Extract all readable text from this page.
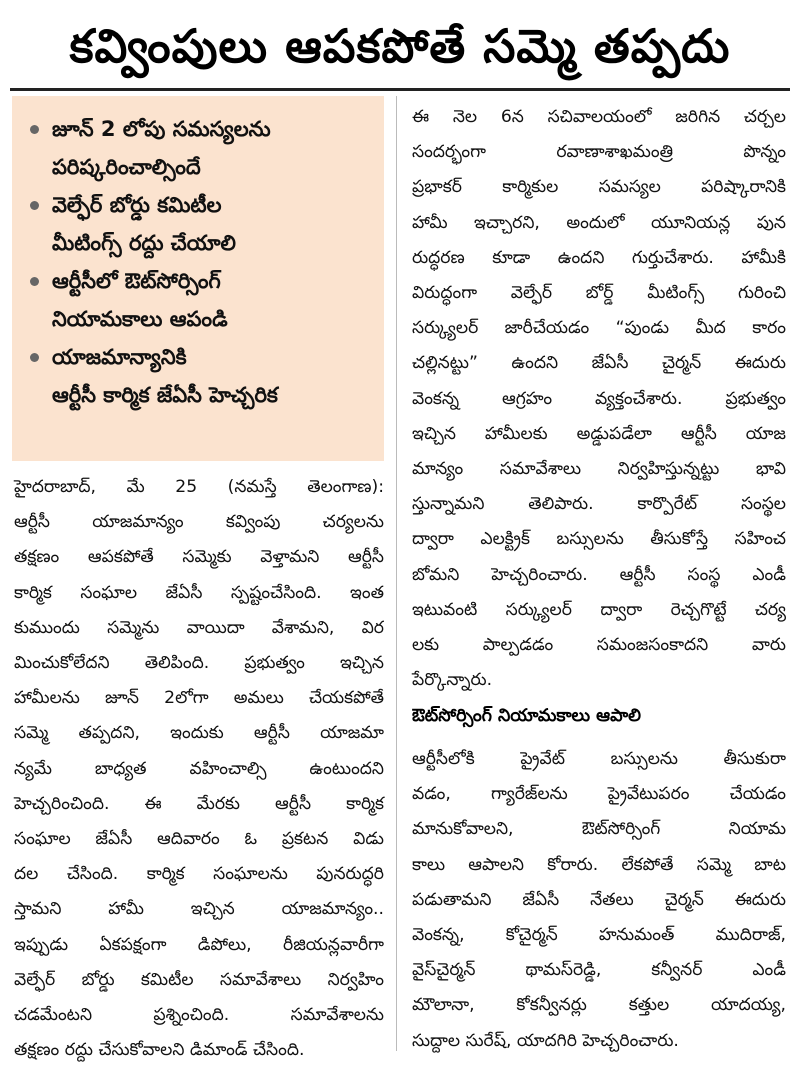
కవ్వింపులు ఆపకపోతే సమ్మె తప్పదు
జూన్ 2 లోపు సమస్యలను
పరిష్కరించాల్సిందే
వెల్ఫేర్ బోర్డు కమిటీల
మీటింగ్స్ రద్దు చేయాలి
ఆర్టీసీలో ఔట్‌సోర్సింగ్
నియామకాలు ఆపండి
యాజమాన్యానికి
ఆర్టీసీ కార్మిక జేఏసీ హెచ్చరిక

హైదరాబాద్, మే 25 (నమస్తే తెలంగాణ):

ఆర్టీసీ యాజమాన్యం కవ్వింపు చర్యలను

తక్షణం ఆపకపోతే సమ్మెకు వెళ్తామని ఆర్టీసీ

కార్మిక సంఘాల జేఏసీ స్పష్టంచేసింది. ఇంత

కుముందు సమ్మెను వాయిదా వేశామని, విర

మించుకోలేదని తెలిపింది. ప్రభుత్వం ఇచ్చిన

హామీలను జూన్ 2లోగా అమలు చేయకపోతే

సమ్మె తప్పదని, ఇందుకు ఆర్టీసీ యాజమా

న్యమే బాధ్యత వహించాల్సి ఉంటుందని

హెచ్చరించింది. ఈ మేరకు ఆర్టీసీ కార్మిక

సంఘాల జేఏసీ ఆదివారం ఓ ప్రకటన విడు

దల చేసింది. కార్మిక సంఘాలను పునరుద్ధరి

స్తామని హామీ ఇచ్చిన యాజమాన్యం..

ఇప్పుడు ఏకపక్షంగా డిపోలు, రీజియన్లవారీగా

వెల్ఫేర్ బోర్డు కమిటీల సమావేశాలు నిర్వహిం

చడమేంటని ప్రశ్నించింది. సమావేశాలను

తక్షణం రద్దు చేసుకోవాలని డిమాండ్ చేసింది.

ఈ నెల 6న సచివాలయంలో జరిగిన చర్చల

సందర్భంగా రవాణాశాఖమంత్రి పొన్నం

ప్రభాకర్ కార్మికుల సమస్యల పరిష్కారానికి

హామీ ఇచ్చారని, అందులో యూనియన్ల పున

రుద్ధరణ కూడా ఉందని గుర్తుచేశారు. హామీకి

విరుద్ధంగా వెల్ఫేర్ బోర్డ్ మీటింగ్స్ గురించి

సర్క్యులర్ జారీచేయడం “పుండు మీద కారం

చల్లినట్టు” ఉందని జేఏసీ చైర్మన్ ఈదురు

వెంకన్న ఆగ్రహం వ్యక్తంచేశారు. ప్రభుత్వం

ఇచ్చిన హామీలకు అడ్డుపడేలా ఆర్టీసీ యాజ

మాన్యం సమావేశాలు నిర్వహిస్తున్నట్టు భావి

స్తున్నామని తెలిపారు. కార్పొరేట్ సంస్థల

ద్వారా ఎలక్ట్రిక్ బస్సులను తీసుకోస్తే సహించ

బోమని హెచ్చరించారు. ఆర్టీసీ సంస్థ ఎండీ

ఇటువంటి సర్క్యులర్ ద్వారా రెచ్చగొట్టే చర్య

లకు పాల్పడడం సమంజసంకాదని వారు

పేర్కొన్నారు.

ఔట్‌సోర్సింగ్ నియామకాలు ఆపాలి

ఆర్టీసీలోకి ప్రైవేట్ బస్సులను తీసుకురా

వడం, గ్యారేజ్‌లను ప్రైవేటుపరం చేయడం

మానుకోవాలని, ఔట్‌సోర్సింగ్ నియామ

కాలు ఆపాలని కోరారు. లేకపోతే సమ్మె బాట

పడుతామని జేఏసీ నేతలు చైర్మన్ ఈదురు

వెంకన్న, కోచైర్మన్ హనుమంత్ ముదిరాజ్,

వైస్‌చైర్మన్ థామస్‌రెడ్డి, కన్వీనర్ ఎండీ

మౌలానా, కోకన్వీనర్లు కత్తుల యాదయ్య,

సుద్దాల సురేష్, యాదగిరి హెచ్చరించారు.
